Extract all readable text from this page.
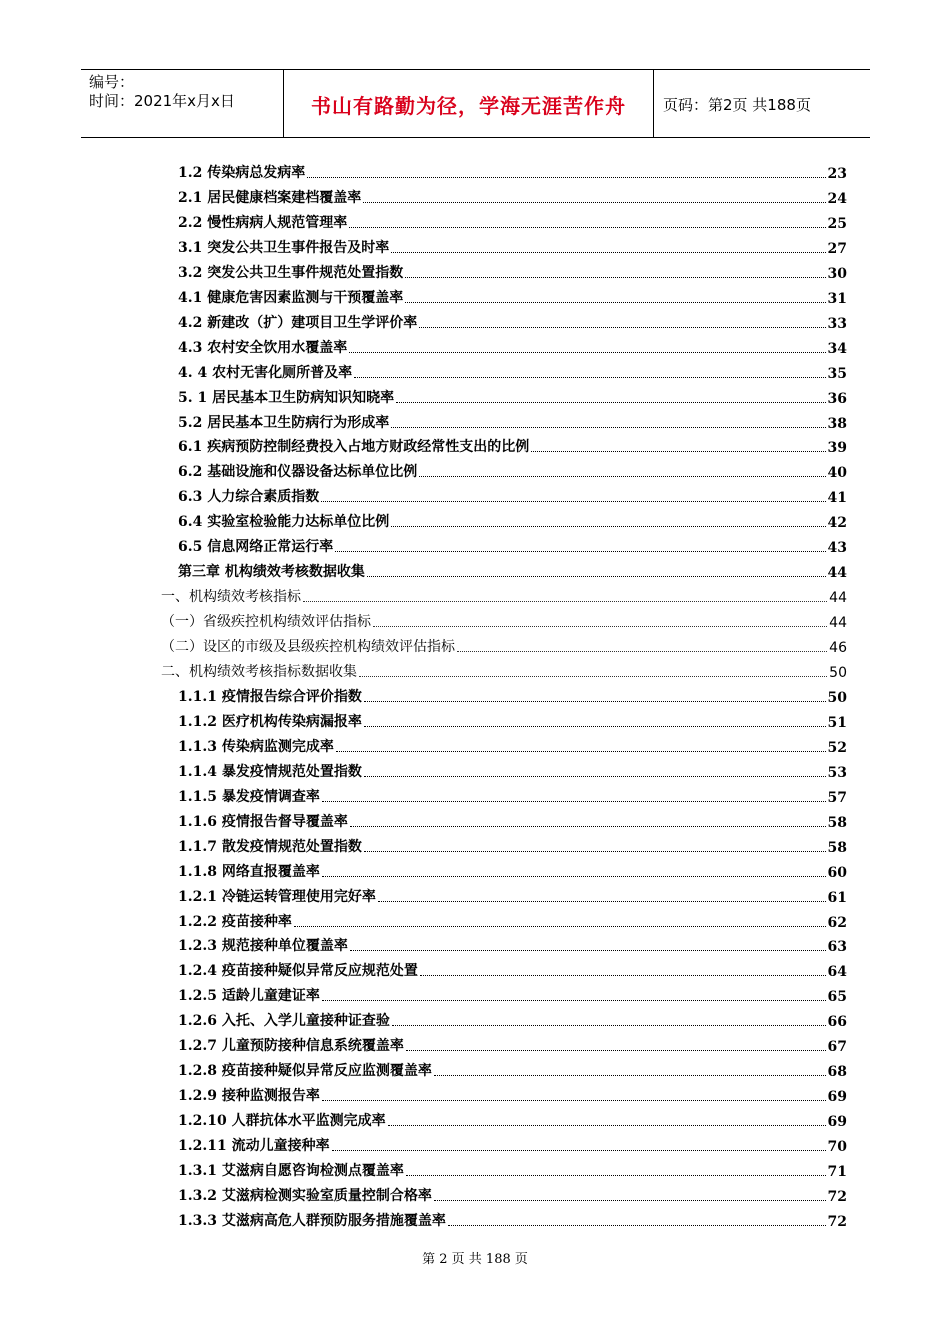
编号：
时间：2021年x月x日	书山有路勤为径，学海无涯苦作舟	页码：第2页 共188页
1.2 传染病总发病率	23
2.1 居民健康档案建档覆盖率	24
2.2 慢性病病人规范管理率	25
3.1 突发公共卫生事件报告及时率	27
3.2 突发公共卫生事件规范处置指数	30
4.1 健康危害因素监测与干预覆盖率	31
4.2 新建改（扩）建项目卫生学评价率	33
4.3 农村安全饮用水覆盖率	34
4. 4 农村无害化厕所普及率	35
5. 1 居民基本卫生防病知识知晓率	36
5.2 居民基本卫生防病行为形成率	38
6.1 疾病预防控制经费投入占地方财政经常性支出的比例	39
6.2 基础设施和仪器设备达标单位比例	40
6.3 人力综合素质指数	41
6.4 实验室检验能力达标单位比例	42
6.5 信息网络正常运行率	43
第三章 机构绩效考核数据收集	44
一、机构绩效考核指标	44
（一）省级疾控机构绩效评估指标	44
（二）设区的市级及县级疾控机构绩效评估指标	46
二、机构绩效考核指标数据收集	50
1.1.1 疫情报告综合评价指数	50
1.1.2 医疗机构传染病漏报率	51
1.1.3 传染病监测完成率	52
1.1.4 暴发疫情规范处置指数	53
1.1.5 暴发疫情调查率	57
1.1.6 疫情报告督导覆盖率	58
1.1.7 散发疫情规范处置指数	58
1.1.8 网络直报覆盖率	60
1.2.1 冷链运转管理使用完好率	61
1.2.2 疫苗接种率	62
1.2.3 规范接种单位覆盖率	63
1.2.4 疫苗接种疑似异常反应规范处置	64
1.2.5 适龄儿童建证率	65
1.2.6 入托、入学儿童接种证查验	66
1.2.7 儿童预防接种信息系统覆盖率	67
1.2.8 疫苗接种疑似异常反应监测覆盖率	68
1.2.9 接种监测报告率	69
1.2.10 人群抗体水平监测完成率	69
1.2.11 流动儿童接种率	70
1.3.1 艾滋病自愿咨询检测点覆盖率	71
1.3.2 艾滋病检测实验室质量控制合格率	72
1.3.3 艾滋病高危人群预防服务措施覆盖率	72
第 2 页 共 188 页
